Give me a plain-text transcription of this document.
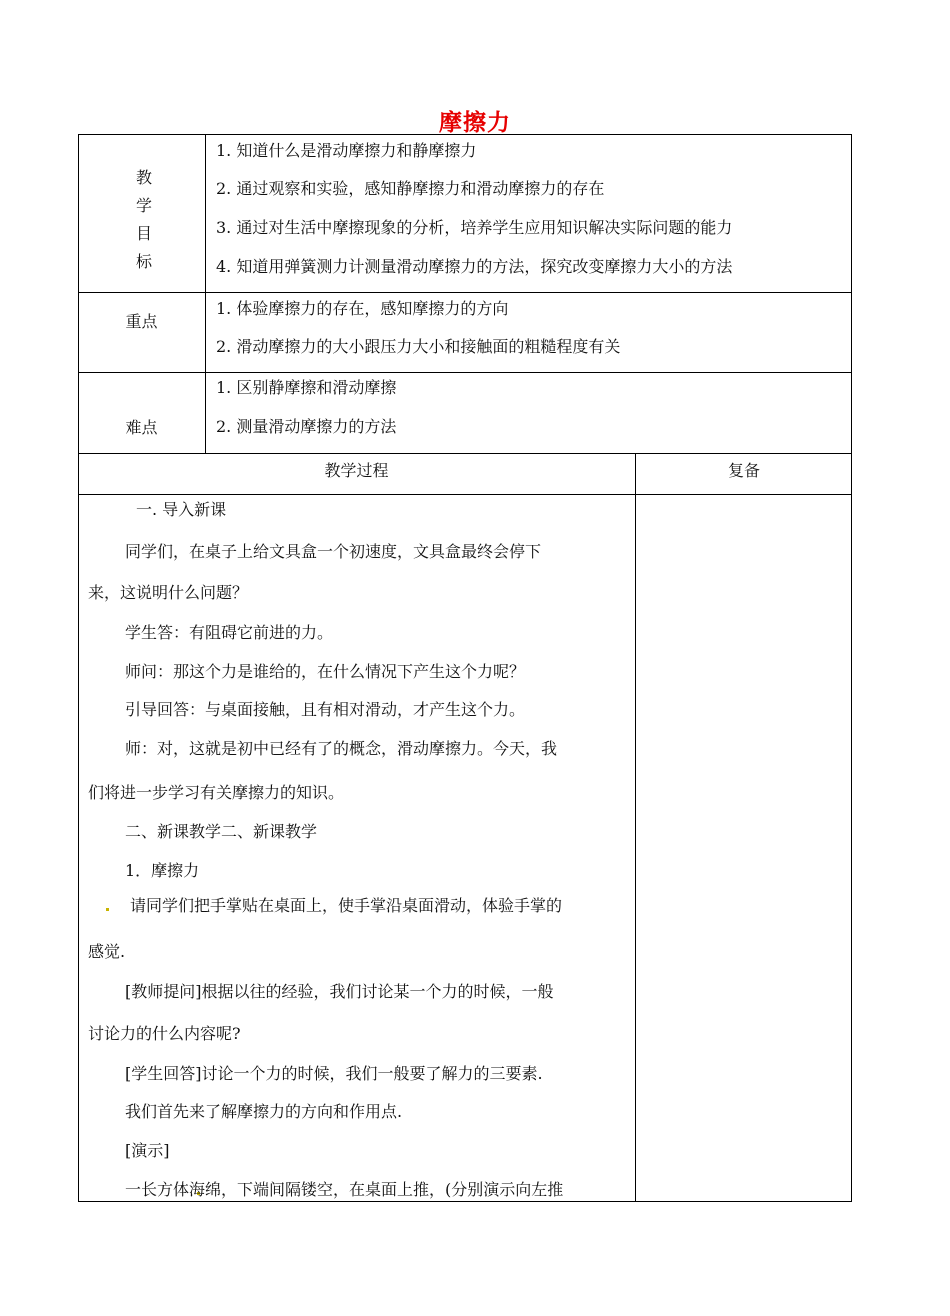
摩擦力
教学目标
1. 知道什么是滑动摩擦力和静摩擦力
2. 通过观察和实验，感知静摩擦力和滑动摩擦力的存在
3. 通过对生活中摩擦现象的分析，培养学生应用知识解决实际问题的能力
4. 知道用弹簧测力计测量滑动摩擦力的方法，探究改变摩擦力大小的方法
重点
1. 体验摩擦力的存在，感知摩擦力的方向
2. 滑动摩擦力的大小跟压力大小和接触面的粗糙程度有关
难点
1. 区别静摩擦和滑动摩擦
2. 测量滑动摩擦力的方法
教学过程	复备
一. 导入新课
同学们，在桌子上给文具盒一个初速度，文具盒最终会停下
来，这说明什么问题？
学生答：有阻碍它前进的力。
师问：那这个力是谁给的，在什么情况下产生这个力呢？
引导回答：与桌面接触，且有相对滑动，才产生这个力。
师：对，这就是初中已经有了的概念，滑动摩擦力。今天，我
们将进一步学习有关摩擦力的知识。
二、新课教学二、新课教学
1．摩擦力
请同学们把手掌贴在桌面上，使手掌沿桌面滑动，体验手掌的
感觉.
[教师提问]根据以往的经验，我们讨论某一个力的时候，一般
讨论力的什么内容呢?
[学生回答]讨论一个力的时候，我们一般要了解力的三要素.
我们首先来了解摩擦力的方向和作用点.
[演示]
一长方体海绵，下端间隔镂空，在桌面上推，(分别演示向左推
